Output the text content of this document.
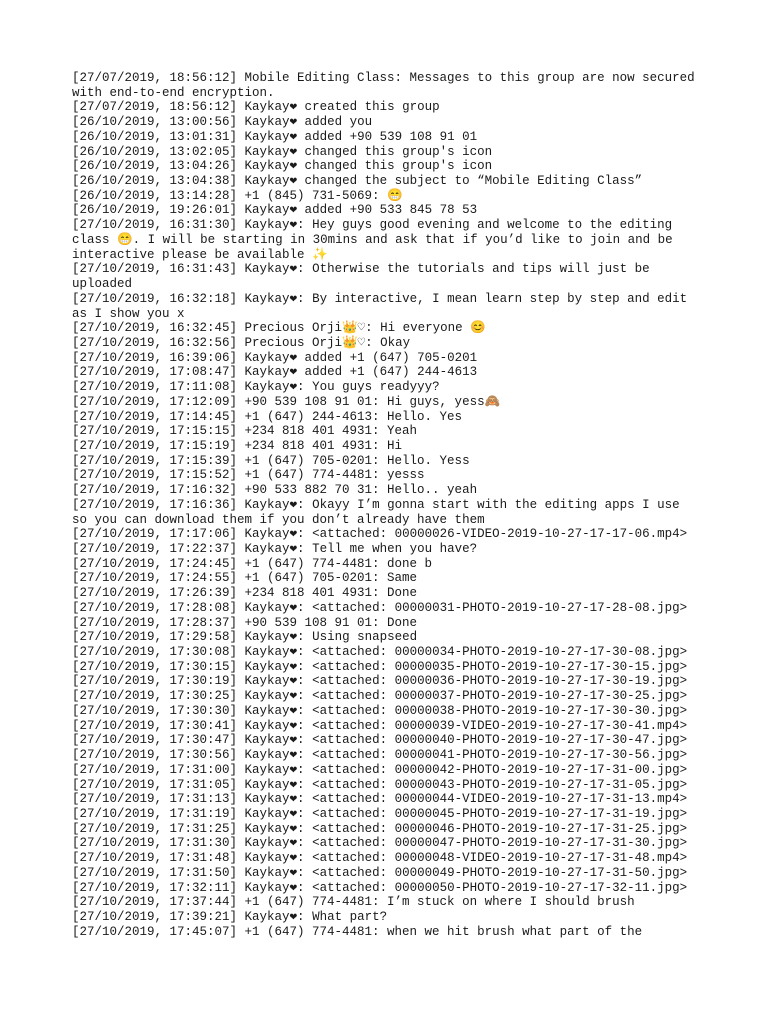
[27/07/2019, 18:56:12] Mobile Editing Class: Messages to this group are now secured with end-to-end encryption.

[27/07/2019, 18:56:12] Kaykay❤ created this group

[26/10/2019, 13:00:56] Kaykay❤ added you

[26/10/2019, 13:01:31] Kaykay❤ added +90 539 108 91 01

[26/10/2019, 13:02:05] Kaykay❤ changed this group's icon

[26/10/2019, 13:04:26] Kaykay❤ changed this group's icon

[26/10/2019, 13:04:38] Kaykay❤ changed the subject to “Mobile Editing Class”

[26/10/2019, 13:14:28] +1 (845) 731-5069: 😁

[26/10/2019, 19:26:01] Kaykay❤ added +90 533 845 78 53

[27/10/2019, 16:31:30] Kaykay❤: Hey guys good evening and welcome to the editing class 😁. I will be starting in 30mins and ask that if you’d like to join and be interactive please be available ✨

[27/10/2019, 16:31:43] Kaykay❤: Otherwise the tutorials and tips will just be uploaded

[27/10/2019, 16:32:18] Kaykay❤: By interactive, I mean learn step by step and edit as I show you x

[27/10/2019, 16:32:45] Precious Orji👑♡: Hi everyone 😊

[27/10/2019, 16:32:56] Precious Orji👑♡: Okay

[27/10/2019, 16:39:06] Kaykay❤ added +1 (647) 705-0201

[27/10/2019, 17:08:47] Kaykay❤ added +1 (647) 244-4613

[27/10/2019, 17:11:08] Kaykay❤: You guys readyyy?

[27/10/2019, 17:12:09] +90 539 108 91 01: Hi guys, yess🙈

[27/10/2019, 17:14:45] +1 (647) 244-4613: Hello. Yes

[27/10/2019, 17:15:15] +234 818 401 4931: Yeah

[27/10/2019, 17:15:19] +234 818 401 4931: Hi

[27/10/2019, 17:15:39] +1 (647) 705-0201: Hello. Yess

[27/10/2019, 17:15:52] +1 (647) 774-4481: yesss

[27/10/2019, 17:16:32] +90 533 882 70 31: Hello.. yeah

[27/10/2019, 17:16:36] Kaykay❤: Okayy I’m gonna start with the editing apps I use so you can download them if you don’t already have them

[27/10/2019, 17:17:06] Kaykay❤: <attached: 00000026-VIDEO-2019-10-27-17-17-06.mp4>

[27/10/2019, 17:22:37] Kaykay❤: Tell me when you have?

[27/10/2019, 17:24:45] +1 (647) 774-4481: done b

[27/10/2019, 17:24:55] +1 (647) 705-0201: Same

[27/10/2019, 17:26:39] +234 818 401 4931: Done

[27/10/2019, 17:28:08] Kaykay❤: <attached: 00000031-PHOTO-2019-10-27-17-28-08.jpg>

[27/10/2019, 17:28:37] +90 539 108 91 01: Done

[27/10/2019, 17:29:58] Kaykay❤: Using snapseed

[27/10/2019, 17:30:08] Kaykay❤: <attached: 00000034-PHOTO-2019-10-27-17-30-08.jpg>

[27/10/2019, 17:30:15] Kaykay❤: <attached: 00000035-PHOTO-2019-10-27-17-30-15.jpg>

[27/10/2019, 17:30:19] Kaykay❤: <attached: 00000036-PHOTO-2019-10-27-17-30-19.jpg>

[27/10/2019, 17:30:25] Kaykay❤: <attached: 00000037-PHOTO-2019-10-27-17-30-25.jpg>

[27/10/2019, 17:30:30] Kaykay❤: <attached: 00000038-PHOTO-2019-10-27-17-30-30.jpg>

[27/10/2019, 17:30:41] Kaykay❤: <attached: 00000039-VIDEO-2019-10-27-17-30-41.mp4>

[27/10/2019, 17:30:47] Kaykay❤: <attached: 00000040-PHOTO-2019-10-27-17-30-47.jpg>

[27/10/2019, 17:30:56] Kaykay❤: <attached: 00000041-PHOTO-2019-10-27-17-30-56.jpg>

[27/10/2019, 17:31:00] Kaykay❤: <attached: 00000042-PHOTO-2019-10-27-17-31-00.jpg>

[27/10/2019, 17:31:05] Kaykay❤: <attached: 00000043-PHOTO-2019-10-27-17-31-05.jpg>

[27/10/2019, 17:31:13] Kaykay❤: <attached: 00000044-VIDEO-2019-10-27-17-31-13.mp4>

[27/10/2019, 17:31:19] Kaykay❤: <attached: 00000045-PHOTO-2019-10-27-17-31-19.jpg>

[27/10/2019, 17:31:25] Kaykay❤: <attached: 00000046-PHOTO-2019-10-27-17-31-25.jpg>

[27/10/2019, 17:31:30] Kaykay❤: <attached: 00000047-PHOTO-2019-10-27-17-31-30.jpg>

[27/10/2019, 17:31:48] Kaykay❤: <attached: 00000048-VIDEO-2019-10-27-17-31-48.mp4>

[27/10/2019, 17:31:50] Kaykay❤: <attached: 00000049-PHOTO-2019-10-27-17-31-50.jpg>

[27/10/2019, 17:32:11] Kaykay❤: <attached: 00000050-PHOTO-2019-10-27-17-32-11.jpg>

[27/10/2019, 17:37:44] +1 (647) 774-4481: I’m stuck on where I should brush

[27/10/2019, 17:39:21] Kaykay❤: What part?

[27/10/2019, 17:45:07] +1 (647) 774-4481: when we hit brush what part of the
